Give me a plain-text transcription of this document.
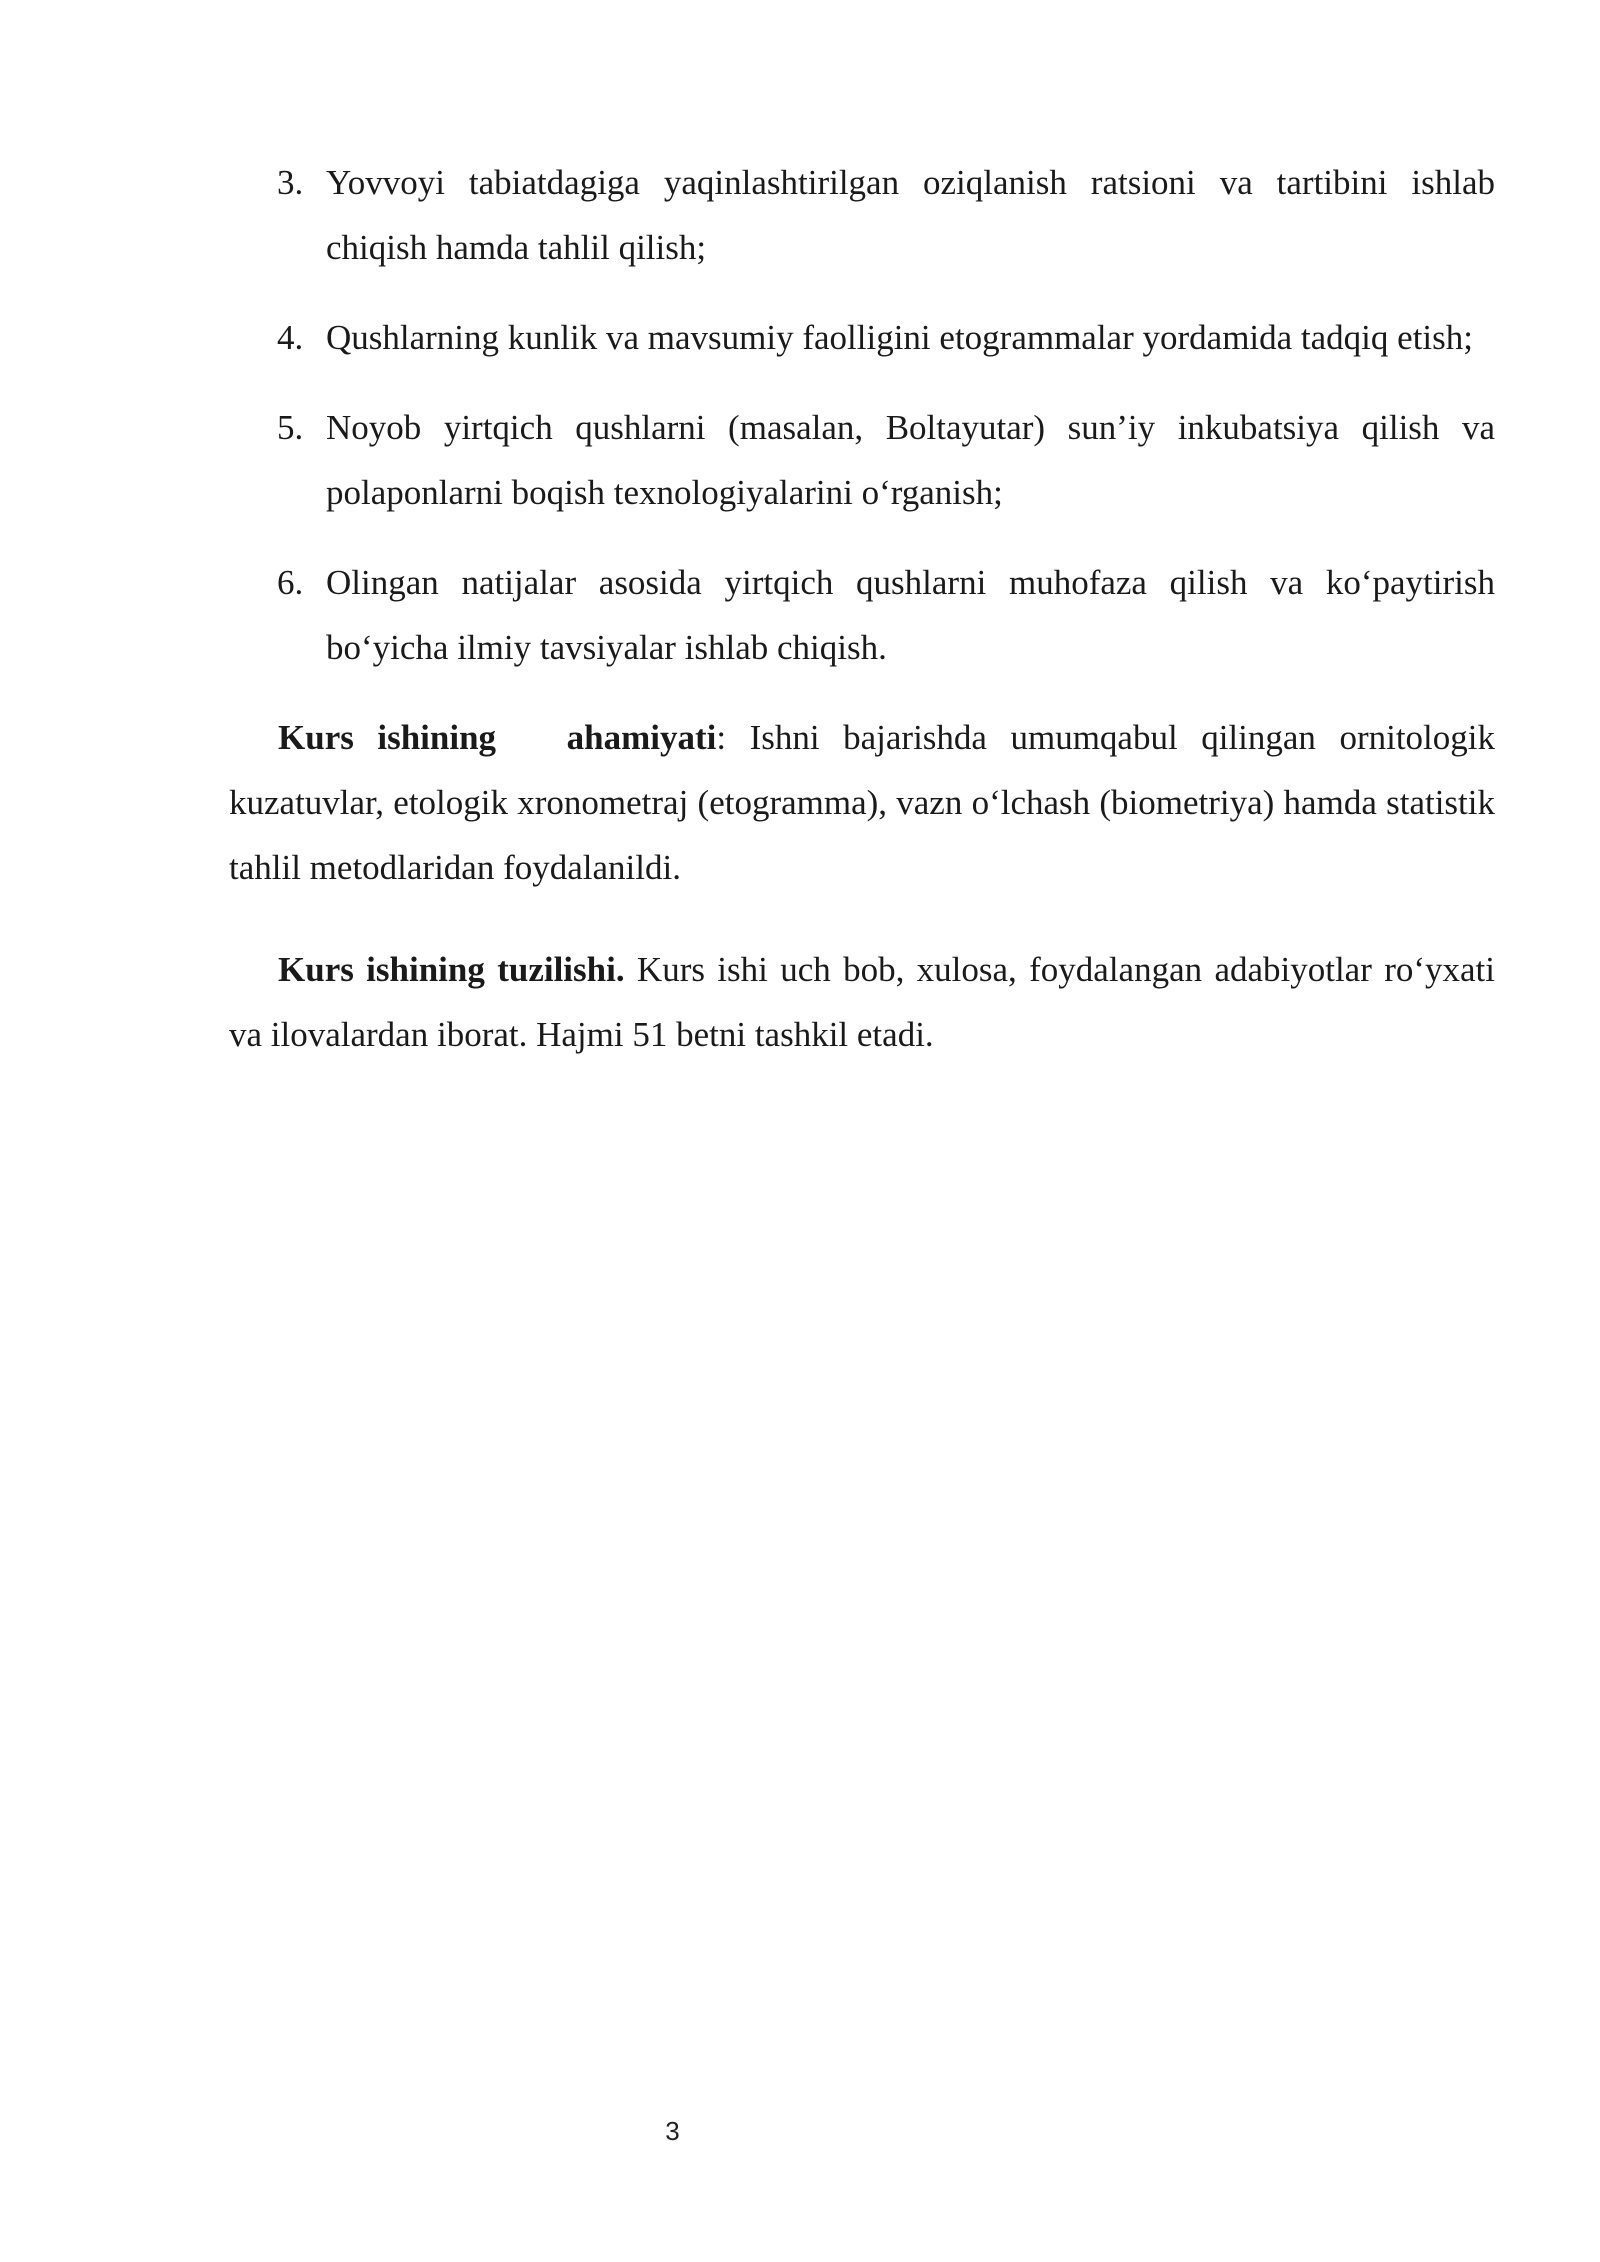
3. Yovvoyi tabiatdagiga yaqinlashtirilgan oziqlanish ratsioni va tartibini ishlab chiqish hamda tahlil qilish;
4. Qushlarning kunlik va mavsumiy faolligini etogrammalar yordamida tadqiq etish;
5. Noyob yirtqich qushlarni (masalan, Boltayutar) sun’iy inkubatsiya qilish va polaponlarni boqish texnologiyalarini o‘rganish;
6. Olingan natijalar asosida yirtqich qushlarni muhofaza qilish va ko‘paytirish bo‘yicha ilmiy tavsiyalar ishlab chiqish.

Kurs ishining   ahamiyati: Ishni bajarishda umumqabul qilingan ornitologik kuzatuvlar, etologik xronometraj (etogramma), vazn o‘lchash (biometriya) hamda statistik tahlil metodlaridan foydalanildi.

Kurs ishining tuzilishi. Kurs ishi uch bob, xulosa, foydalangan adabiyotlar ro‘yxati va ilovalardan iborat. Hajmi 51 betni tashkil etadi.

3
